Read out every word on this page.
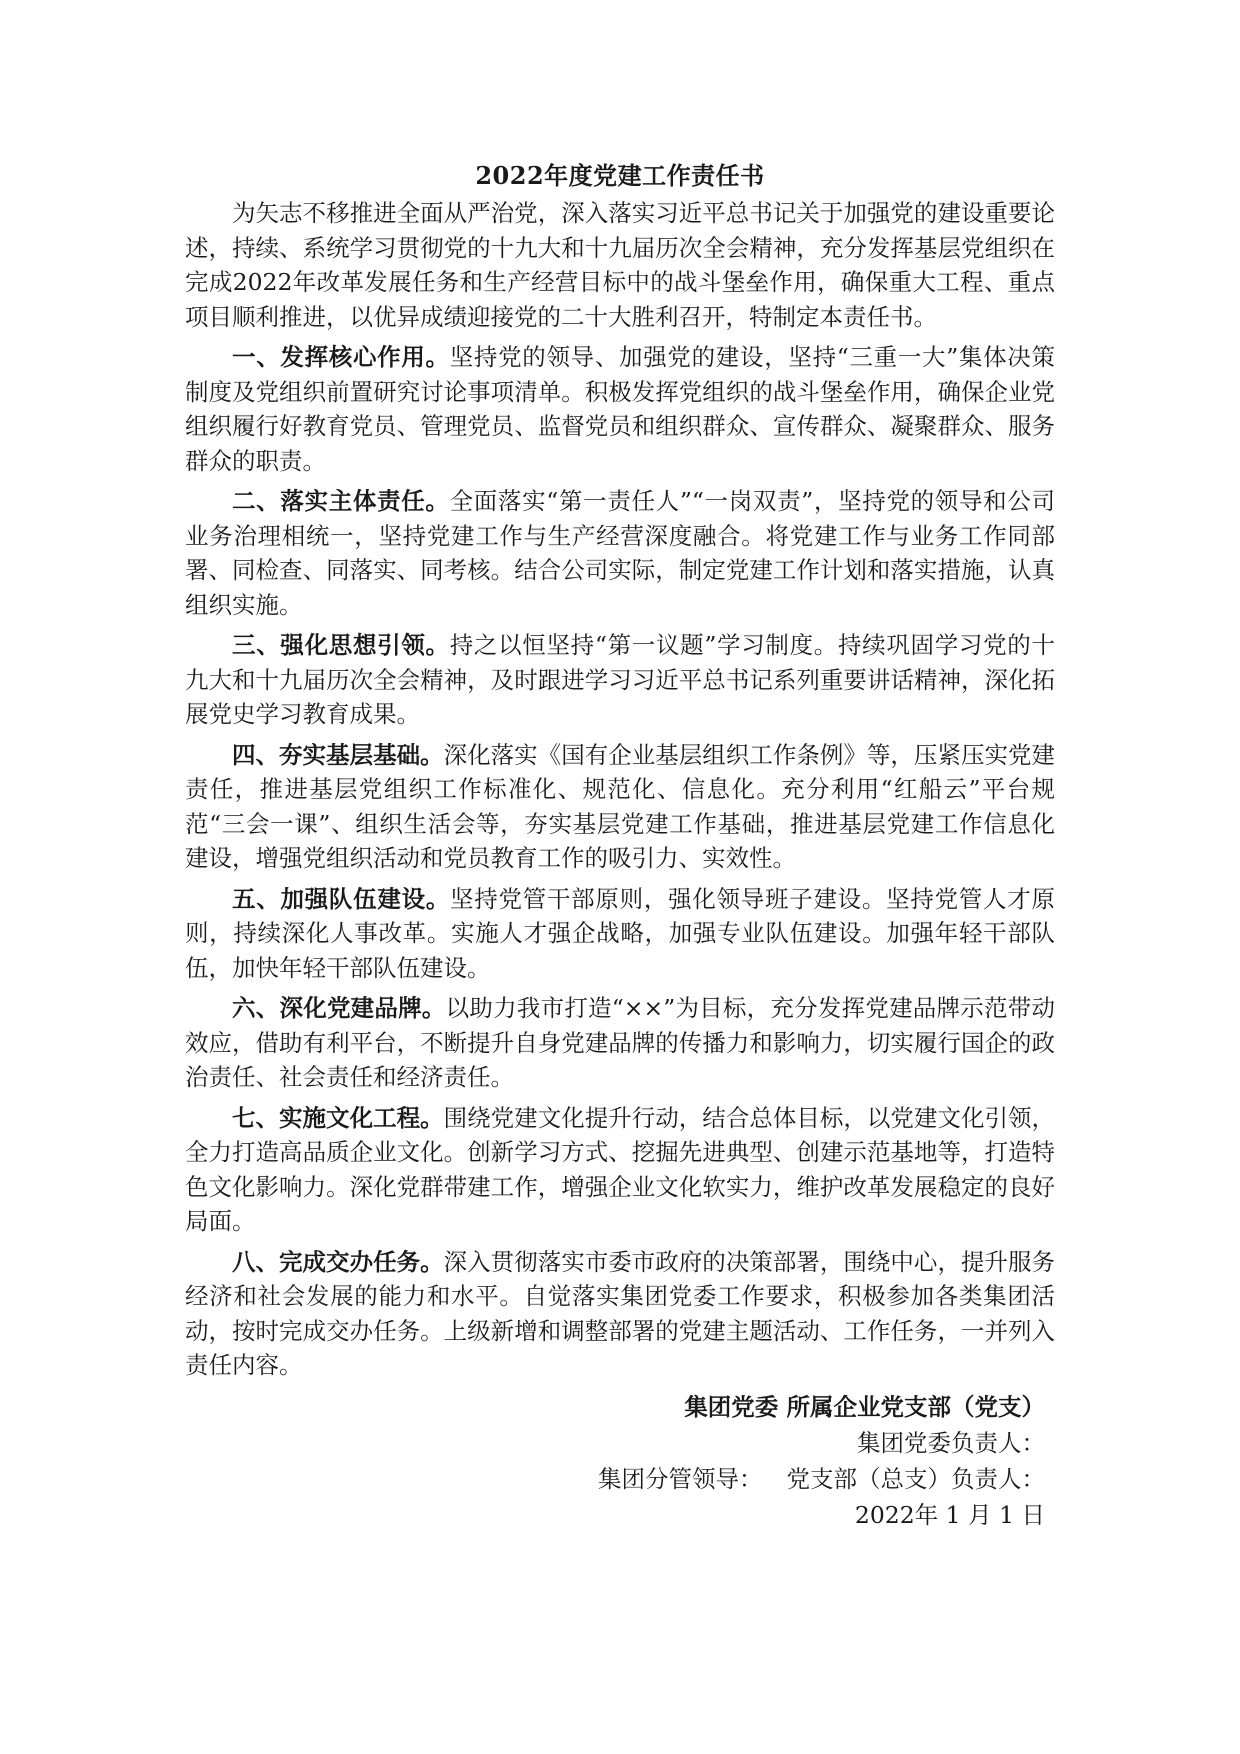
2022年度党建工作责任书

为矢志不移推进全面从严治党，深入落实习近平总书记关于加强党的建设重要论述，持续、系统学习贯彻党的十九大和十九届历次全会精神，充分发挥基层党组织在完成2022年改革发展任务和生产经营目标中的战斗堡垒作用，确保重大工程、重点项目顺利推进，以优异成绩迎接党的二十大胜利召开，特制定本责任书。

一、发挥核心作用。坚持党的领导、加强党的建设，坚持“三重一大”集体决策制度及党组织前置研究讨论事项清单。积极发挥党组织的战斗堡垒作用，确保企业党组织履行好教育党员、管理党员、监督党员和组织群众、宣传群众、凝聚群众、服务群众的职责。

二、落实主体责任。全面落实“第一责任人”“一岗双责”，坚持党的领导和公司业务治理相统一，坚持党建工作与生产经营深度融合。将党建工作与业务工作同部署、同检查、同落实、同考核。结合公司实际，制定党建工作计划和落实措施，认真组织实施。

三、强化思想引领。持之以恒坚持“第一议题”学习制度。持续巩固学习党的十九大和十九届历次全会精神，及时跟进学习习近平总书记系列重要讲话精神，深化拓展党史学习教育成果。

四、夯实基层基础。深化落实《国有企业基层组织工作条例》等，压紧压实党建责任，推进基层党组织工作标准化、规范化、信息化。充分利用“红船云”平台规范“三会一课”、组织生活会等，夯实基层党建工作基础，推进基层党建工作信息化建设，增强党组织活动和党员教育工作的吸引力、实效性。

五、加强队伍建设。坚持党管干部原则，强化领导班子建设。坚持党管人才原则，持续深化人事改革。实施人才强企战略，加强专业队伍建设。加强年轻干部队伍，加快年轻干部队伍建设。

六、深化党建品牌。以助力我市打造“××”为目标，充分发挥党建品牌示范带动效应，借助有利平台，不断提升自身党建品牌的传播力和影响力，切实履行国企的政治责任、社会责任和经济责任。

七、实施文化工程。围绕党建文化提升行动，结合总体目标，以党建文化引领，全力打造高品质企业文化。创新学习方式、挖掘先进典型、创建示范基地等，打造特色文化影响力。深化党群带建工作，增强企业文化软实力，维护改革发展稳定的良好局面。

八、完成交办任务。深入贯彻落实市委市政府的决策部署，围绕中心，提升服务经济和社会发展的能力和水平。自觉落实集团党委工作要求，积极参加各类集团活动，按时完成交办任务。上级新增和调整部署的党建主题活动、工作任务，一并列入责任内容。

集团党委 所属企业党支部（党支）
集团党委负责人：
集团分管领导： 党支部（总支）负责人：
2022年 1 月 1 日
